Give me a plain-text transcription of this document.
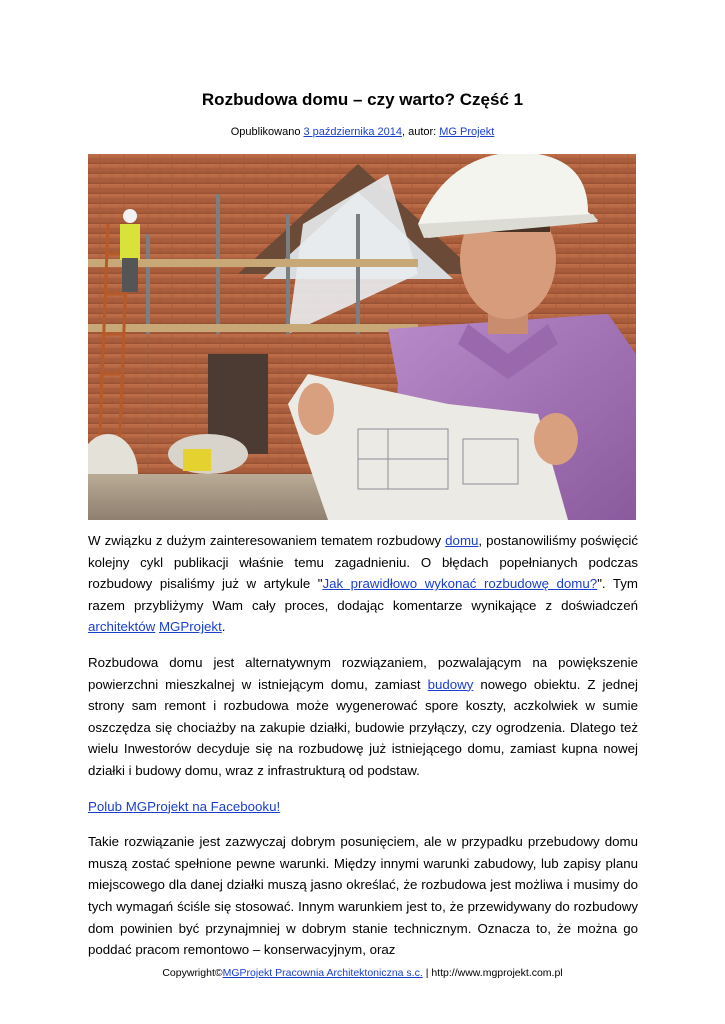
Rozbudowa domu – czy warto? Część 1
Opublikowano 3 października 2014, autor: MG Projekt

W związku z dużym zainteresowaniem tematem rozbudowy domu, postanowiliśmy poświęcić kolejny cykl publikacji właśnie temu zagadnieniu. O błędach popełnianych podczas rozbudowy pisaliśmy już w artykule "Jak prawidłowo wykonać rozbudowę domu?". Tym razem przybliżymy Wam cały proces, dodając komentarze wynikające z doświadczeń architektów MGProjekt.

Rozbudowa domu jest alternatywnym rozwiązaniem, pozwalającym na powiększenie powierzchni mieszkalnej w istniejącym domu, zamiast budowy nowego obiektu. Z jednej strony sam remont i rozbudowa może wygenerować spore koszty, aczkolwiek w sumie oszczędza się chociażby na zakupie działki, budowie przyłączy, czy ogrodzenia. Dlatego też wielu Inwestorów decyduje się na rozbudowę już istniejącego domu, zamiast kupna nowej działki i budowy domu, wraz z infrastrukturą od podstaw.

Polub MGProjekt na Facebooku!

Takie rozwiązanie jest zazwyczaj dobrym posunięciem, ale w przypadku przebudowy domu muszą zostać spełnione pewne warunki. Między innymi warunki zabudowy, lub zapisy planu miejscowego dla danej działki muszą jasno określać, że rozbudowa jest możliwa i musimy do tych wymagań ściśle się stosować. Innym warunkiem jest to, że przewidywany do rozbudowy dom powinien być przynajmniej w dobrym stanie technicznym. Oznacza to, że można go poddać pracom remontowo – konserwacyjnym, oraz

Copywright©MGProjekt Pracownia Architektoniczna s.c. | http://www.mgprojekt.com.pl
